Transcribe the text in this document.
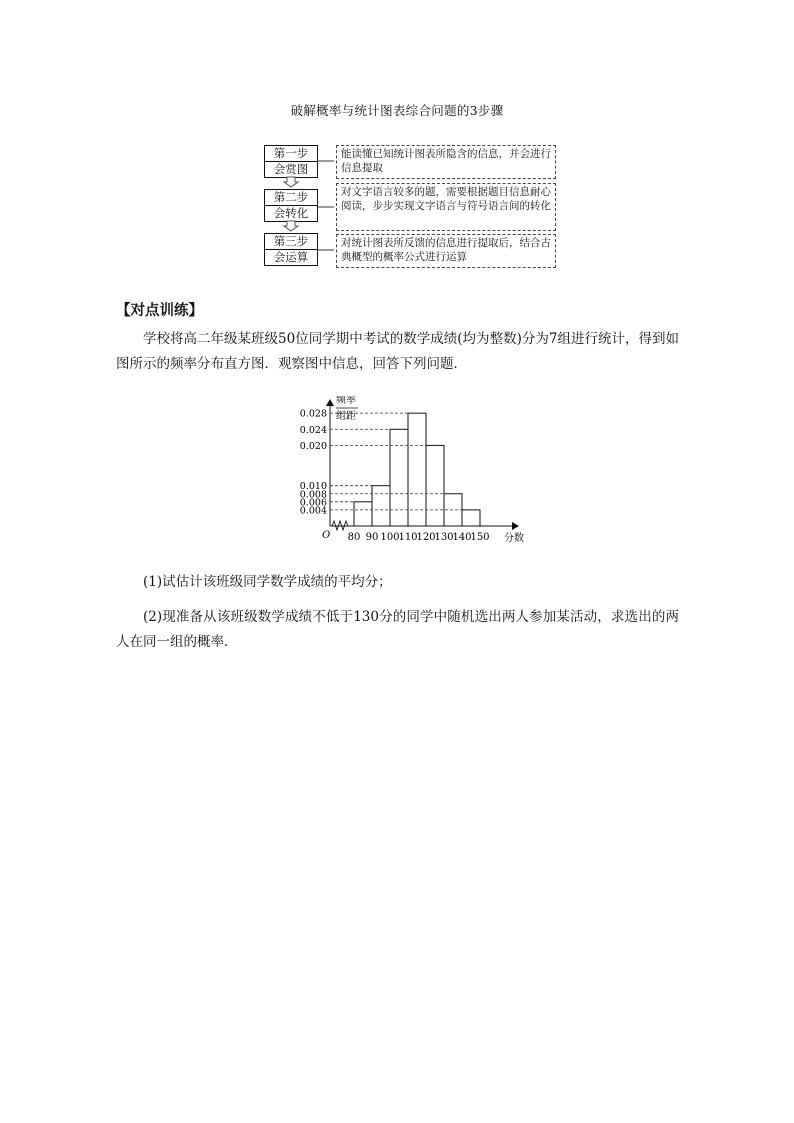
破解概率与统计图表综合问题的3步骤
第一步
会赏图
第二步
会转化
第三步
会运算
能读懂已知统计图表所隐含的信息，并会进行信息提取
对文字语言较多的题，需要根据题目信息耐心阅读，步步实现文字语言与符号语言间的转化
对统计图表所反馈的信息进行提取后，结合古典概型的概率公式进行运算
【对点训练】
学校将高二年级某班级50位同学期中考试的数学成绩(均为整数)分为7组进行统计，得到如图所示的频率分布直方图．观察图中信息，回答下列问题．
频率
组距
O	分数
0.004
0.006
0.008
0.010
0.020
0.024
0.028
80 90 100
110
120
130
140
150
(1)试估计该班级同学数学成绩的平均分；
(2)现准备从该班级数学成绩不低于130分的同学中随机选出两人参加某活动，求选出的两人在同一组的概率．
